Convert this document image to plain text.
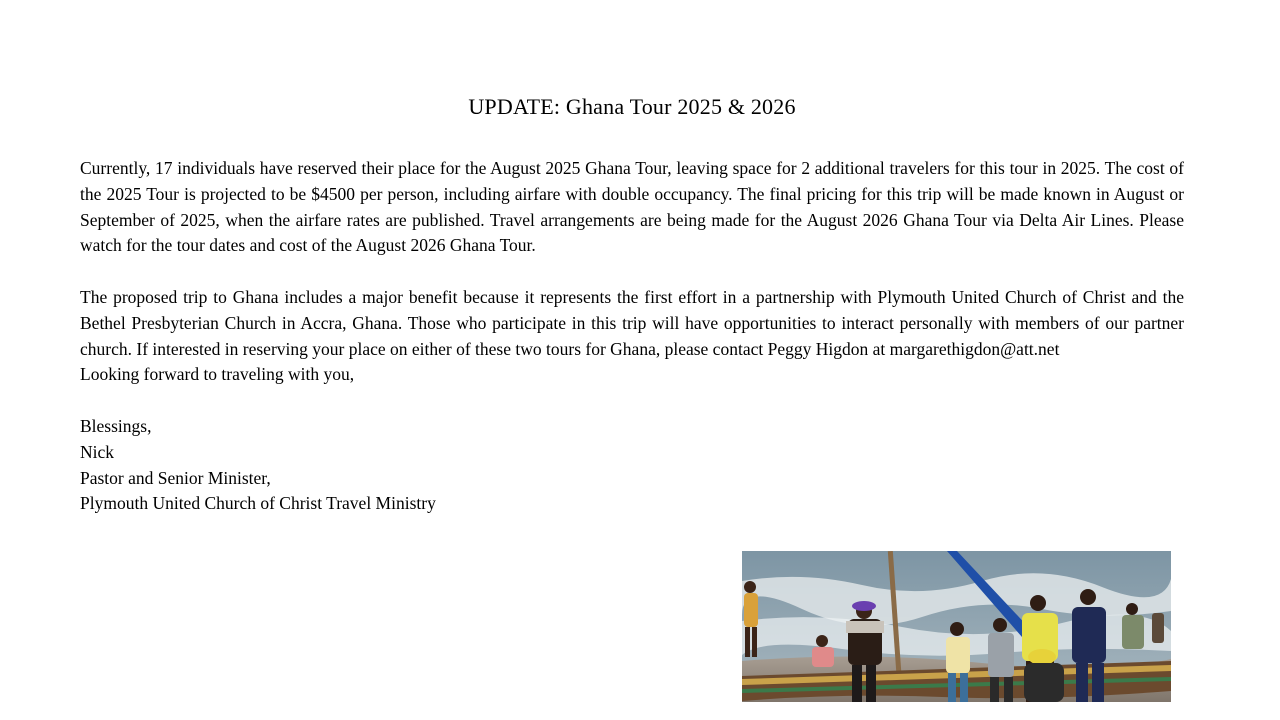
UPDATE: Ghana Tour 2025 & 2026

Currently, 17 individuals have reserved their place for the August 2025 Ghana Tour, leaving space for 2 additional travelers for this tour in 2025. The cost of the 2025 Tour is projected to be $4500 per person, including airfare with double occupancy. The final pricing for this trip will be made known in August or September of 2025, when the airfare rates are published. Travel arrangements are being made for the August 2026 Ghana Tour via Delta Air Lines. Please watch for the tour dates and cost of the August 2026 Ghana Tour.

The proposed trip to Ghana includes a major benefit because it represents the first effort in a partnership with Plymouth United Church of Christ and the Bethel Presbyterian Church in Accra, Ghana. Those who participate in this trip will have opportunities to interact personally with members of our partner church. If interested in reserving your place on either of these two tours for Ghana, please contact Peggy Higdon at margarethigdon@att.net

Looking forward to traveling with you,

Blessings,

Nick

Pastor and Senior Minister,

Plymouth United Church of Christ Travel Ministry
